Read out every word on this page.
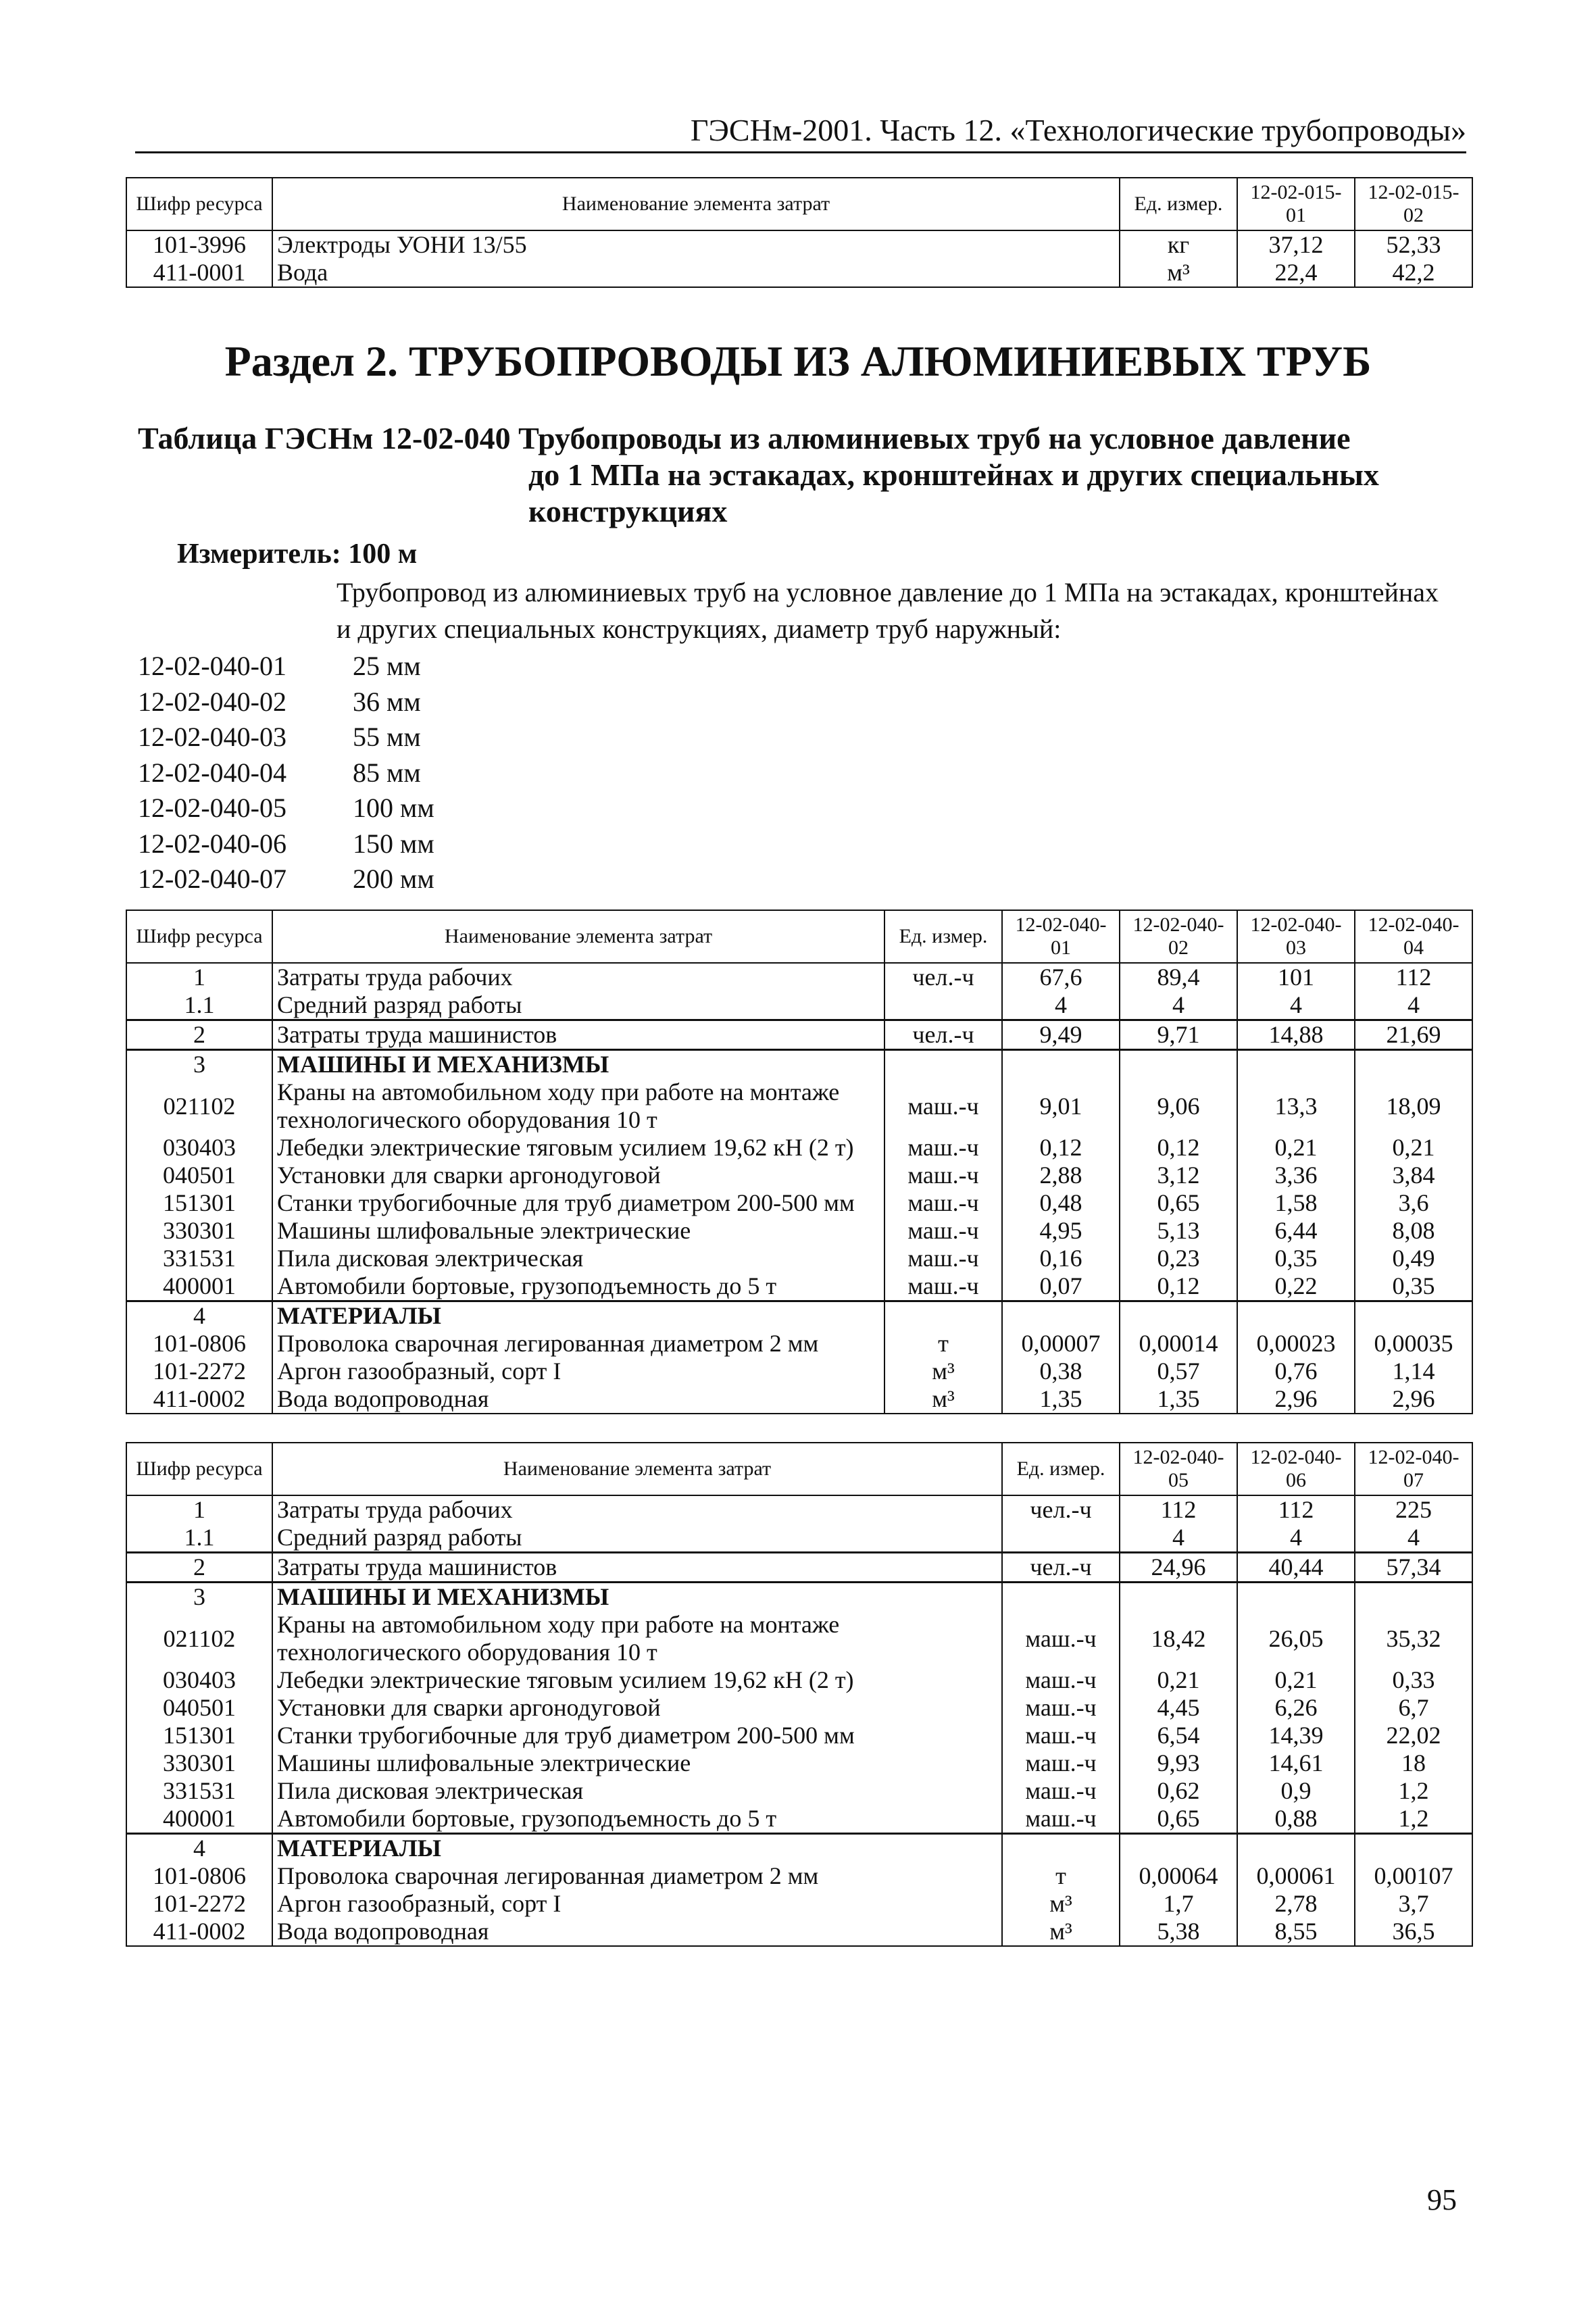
ГЭСНм-2001. Часть 12. «Технологические трубопроводы»
Шифр ресурса	Наименование элемента затрат	Ед. измер.	12-02-015-01	12-02-015-02
101-3996	Электроды УОНИ 13/55	кг	37,12	52,33
411-0001	Вода	м³	22,4	42,2
Раздел 2. ТРУБОПРОВОДЫ ИЗ АЛЮМИНИЕВЫХ ТРУБ
Таблица ГЭСНм 12-02-040 Трубопроводы из алюминиевых труб на условное давление
до 1 МПа на эстакадах, кронштейнах и других специальных
конструкциях
Измеритель: 100 м
Трубопровод из алюминиевых труб на условное давление до 1 МПа на эстакадах, кронштейнах
и других специальных конструкциях, диаметр труб наружный:
12-02-040-01	25 мм
12-02-040-02	36 мм
12-02-040-03	55 мм
12-02-040-04	85 мм
12-02-040-05	100 мм
12-02-040-06	150 мм
12-02-040-07	200 мм
Шифр ресурса	Наименование элемента затрат	Ед. измер.	12-02-040-01	12-02-040-02	12-02-040-03	12-02-040-04
1	Затраты труда рабочих	чел.-ч	67,6	89,4	101	112
1.1	Средний разряд работы		4	4	4	4
2	Затраты труда машинистов	чел.-ч	9,49	9,71	14,88	21,69
3	МАШИНЫ И МЕХАНИЗМЫ					
021102	Краны на автомобильном ходу при работе на монтаже технологического оборудования 10 т	маш.-ч	9,01	9,06	13,3	18,09
030403	Лебедки электрические тяговым усилием 19,62 кН (2 т)	маш.-ч	0,12	0,12	0,21	0,21
040501	Установки для сварки аргонодуговой	маш.-ч	2,88	3,12	3,36	3,84
151301	Станки трубогибочные для труб диаметром 200-500 мм	маш.-ч	0,48	0,65	1,58	3,6
330301	Машины шлифовальные электрические	маш.-ч	4,95	5,13	6,44	8,08
331531	Пила дисковая электрическая	маш.-ч	0,16	0,23	0,35	0,49
400001	Автомобили бортовые, грузоподъемность до 5 т	маш.-ч	0,07	0,12	0,22	0,35
4	МАТЕРИАЛЫ					
101-0806	Проволока сварочная легированная диаметром 2 мм	т	0,00007	0,00014	0,00023	0,00035
101-2272	Аргон газообразный, сорт I	м³	0,38	0,57	0,76	1,14
411-0002	Вода водопроводная	м³	1,35	1,35	2,96	2,96
Шифр ресурса	Наименование элемента затрат	Ед. измер.	12-02-040-05	12-02-040-06	12-02-040-07
1	Затраты труда рабочих	чел.-ч	112	112	225
1.1	Средний разряд работы		4	4	4
2	Затраты труда машинистов	чел.-ч	24,96	40,44	57,34
3	МАШИНЫ И МЕХАНИЗМЫ				
021102	Краны на автомобильном ходу при работе на монтаже технологического оборудования 10 т	маш.-ч	18,42	26,05	35,32
030403	Лебедки электрические тяговым усилием 19,62 кН (2 т)	маш.-ч	0,21	0,21	0,33
040501	Установки для сварки аргонодуговой	маш.-ч	4,45	6,26	6,7
151301	Станки трубогибочные для труб диаметром 200-500 мм	маш.-ч	6,54	14,39	22,02
330301	Машины шлифовальные электрические	маш.-ч	9,93	14,61	18
331531	Пила дисковая электрическая	маш.-ч	0,62	0,9	1,2
400001	Автомобили бортовые, грузоподъемность до 5 т	маш.-ч	0,65	0,88	1,2
4	МАТЕРИАЛЫ				
101-0806	Проволока сварочная легированная диаметром 2 мм	т	0,00064	0,00061	0,00107
101-2272	Аргон газообразный, сорт I	м³	1,7	2,78	3,7
411-0002	Вода водопроводная	м³	5,38	8,55	36,5
95
